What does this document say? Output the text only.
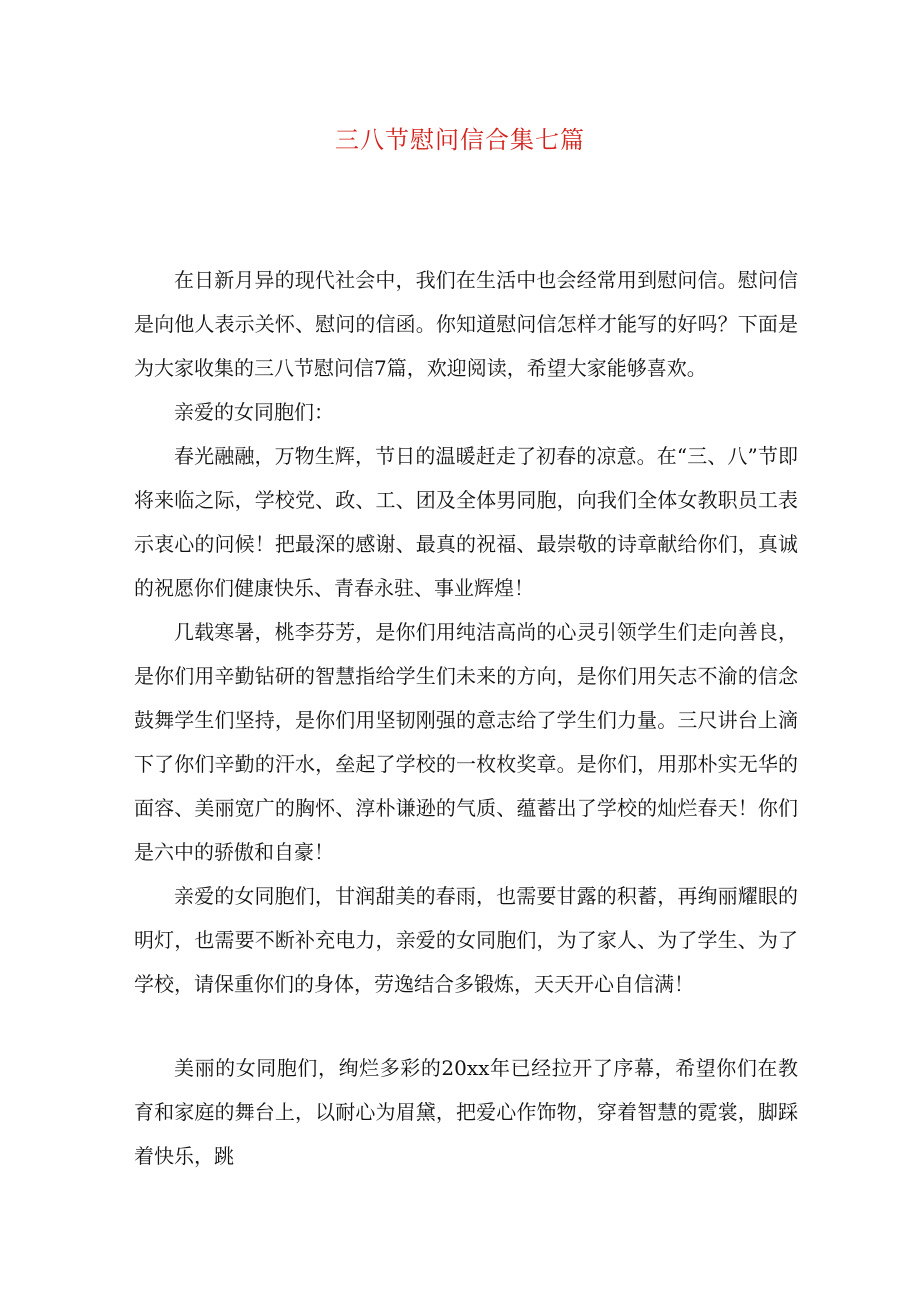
三八节慰问信合集七篇

在日新月异的现代社会中，我们在生活中也会经常用到慰问信。慰问信是向他人表示关怀、慰问的信函。你知道慰问信怎样才能写的好吗？下面是为大家收集的三八节慰问信7篇，欢迎阅读，希望大家能够喜欢。

亲爱的女同胞们：

春光融融，万物生辉，节日的温暖赶走了初春的凉意。在“三、八”节即将来临之际，学校党、政、工、团及全体男同胞，向我们全体女教职员工表示衷心的问候！把最深的感谢、最真的祝福、最崇敬的诗章献给你们，真诚的祝愿你们健康快乐、青春永驻、事业辉煌！

几载寒暑，桃李芬芳，是你们用纯洁高尚的心灵引领学生们走向善良，是你们用辛勤钻研的智慧指给学生们未来的方向，是你们用矢志不渝的信念鼓舞学生们坚持，是你们用坚韧刚强的意志给了学生们力量。三尺讲台上滴下了你们辛勤的汗水，垒起了学校的一枚枚奖章。是你们，用那朴实无华的面容、美丽宽广的胸怀、淳朴谦逊的气质、蕴蓄出了学校的灿烂春天！你们是六中的骄傲和自豪！

亲爱的女同胞们，甘润甜美的春雨，也需要甘露的积蓄，再绚丽耀眼的明灯，也需要不断补充电力，亲爱的女同胞们，为了家人、为了学生、为了学校，请保重你们的身体，劳逸结合多锻炼，天天开心自信满！

美丽的女同胞们，绚烂多彩的20xx年已经拉开了序幕，希望你们在教育和家庭的舞台上，以耐心为眉黛，把爱心作饰物，穿着智慧的霓裳，脚踩着快乐，跳
